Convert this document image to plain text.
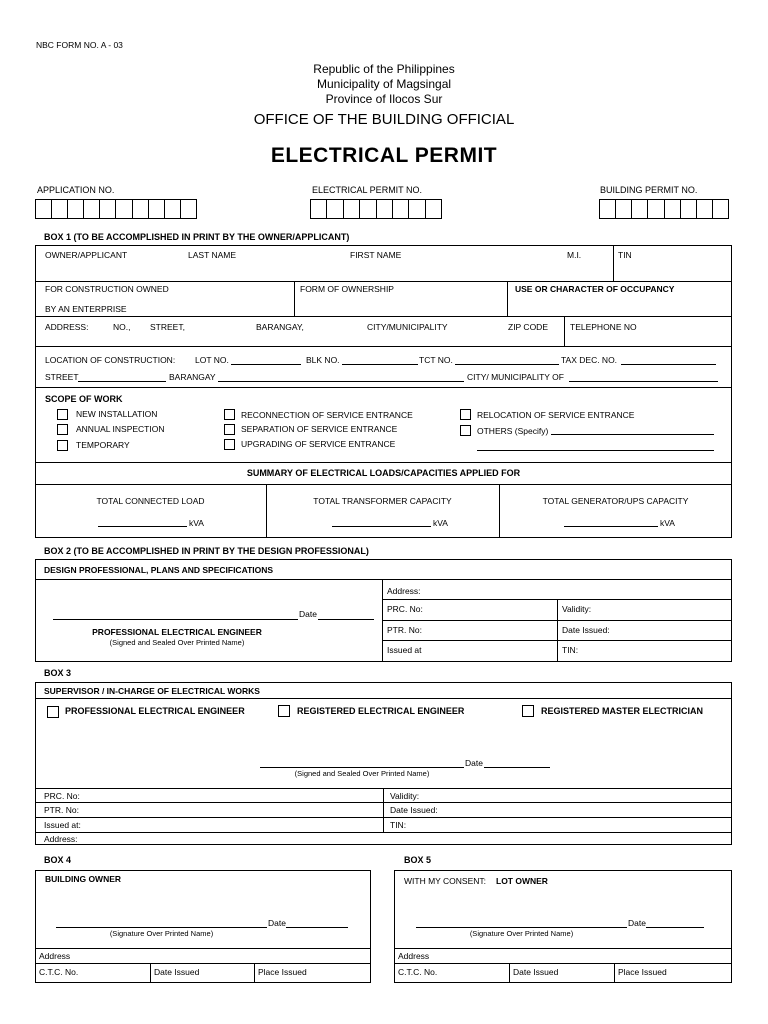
NBC FORM NO. A - 03
Republic of the Philippines
Municipality of Magsingal
Province of Ilocos Sur
OFFICE OF THE BUILDING OFFICIAL
ELECTRICAL PERMIT
APPLICATION NO.	ELECTRICAL PERMIT NO.	BUILDING PERMIT NO.
BOX 1 (TO BE ACCOMPLISHED IN PRINT BY THE OWNER/APPLICANT)
OWNER/APPLICANT	LAST NAME	FIRST NAME	M.I.	TIN
FOR CONSTRUCTION OWNED
BY AN ENTERPRISE
FORM OF OWNERSHIP	USE OR CHARACTER OF OCCUPANCY
ADDRESS:	NO., STREET,	BARANGAY,	CITY/MUNICIPALITY	ZIP CODE	TELEPHONE NO
LOCATION OF CONSTRUCTION: LOT NO.	BLK NO.	TCT NO.	TAX DEC. NO.
STREET	BARANGAY	CITY/ MUNICIPALITY OF
SCOPE OF WORK
NEW INSTALLATION
ANNUAL INSPECTION
TEMPORARY
RECONNECTION OF SERVICE ENTRANCE
SEPARATION OF SERVICE ENTRANCE
UPGRADING OF SERVICE ENTRANCE
RELOCATION OF SERVICE ENTRANCE
OTHERS (Specify)
SUMMARY OF ELECTRICAL LOADS/CAPACITIES APPLIED FOR
TOTAL CONNECTED LOAD
kVA
TOTAL TRANSFORMER CAPACITY
kVA
TOTAL GENERATOR/UPS CAPACITY
kVA
BOX 2 (TO BE ACCOMPLISHED IN PRINT BY THE DESIGN PROFESSIONAL)
DESIGN PROFESSIONAL, PLANS AND SPECIFICATIONS
Date
PROFESSIONAL ELECTRICAL ENGINEER
(Signed and Sealed Over Printed Name)
Address:
PRC. No:	Validity:
PTR. No:	Date Issued:
Issued at	TIN:
BOX 3
SUPERVISOR / IN-CHARGE OF ELECTRICAL WORKS
PROFESSIONAL ELECTRICAL ENGINEER	REGISTERED ELECTRICAL ENGINEER	REGISTERED MASTER ELECTRICIAN
Date
(Signed and Sealed Over Printed Name)
PRC. No:	Validity:
PTR. No:	Date Issued:
Issued at:	TIN:
Address:
BOX 4
BUILDING OWNER
Date
(Signature Over Printed Name)
Address
C.T.C. No.	Date Issued	Place Issued
BOX 5
WITH MY CONSENT: LOT OWNER
Date
(Signature Over Printed Name)
Address
C.T.C. No.	Date Issued	Place Issued
